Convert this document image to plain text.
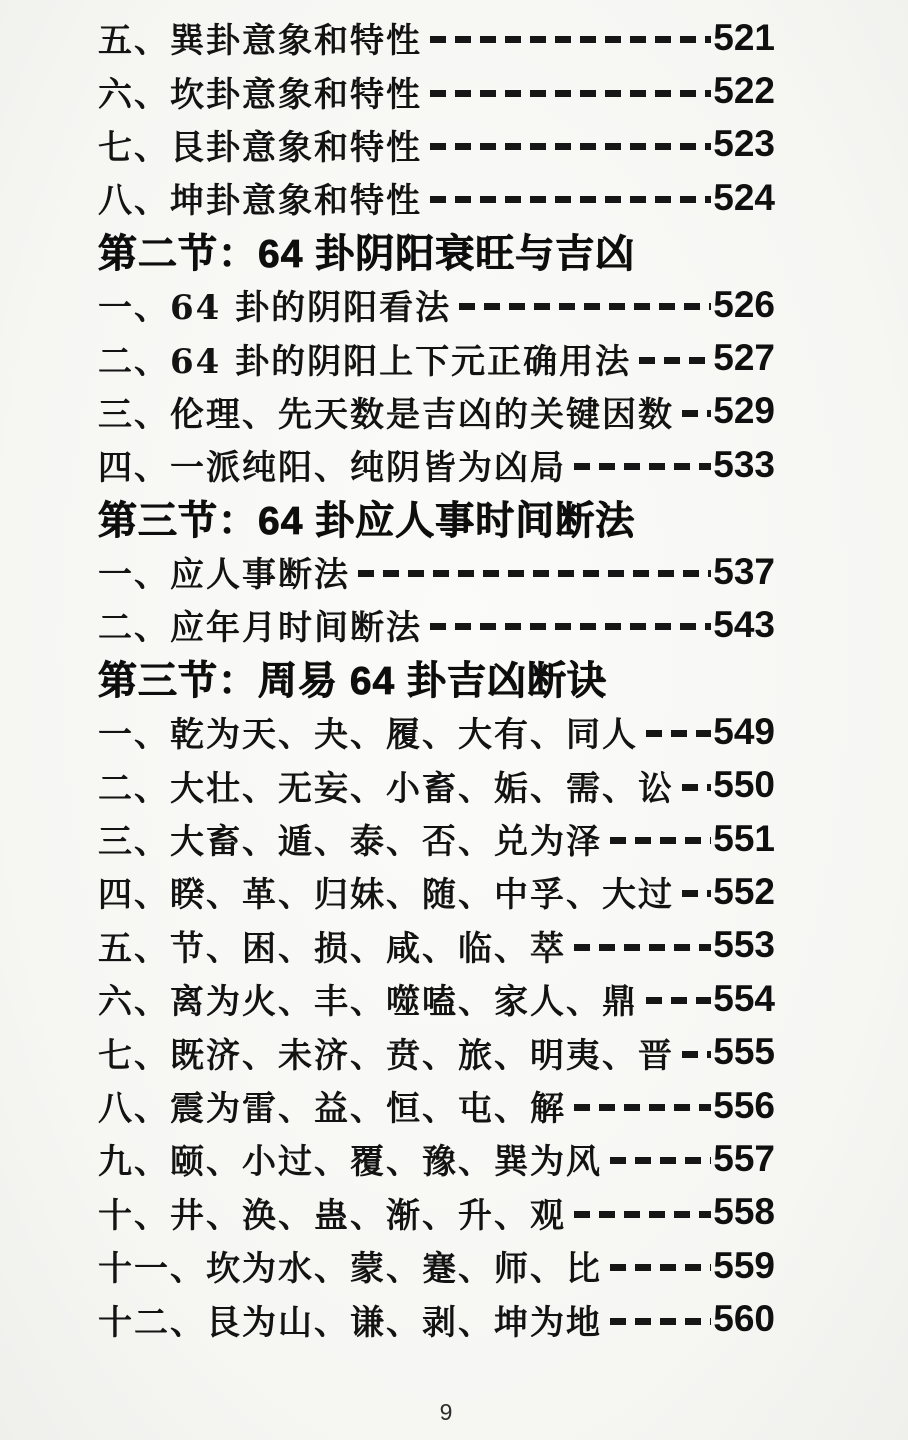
五、巽卦意象和特性	521
六、坎卦意象和特性	522
七、艮卦意象和特性	523
八、坤卦意象和特性	524
第二节：64 卦阴阳衰旺与吉凶
一、64 卦的阴阳看法	526
二、64 卦的阴阳上下元正确用法 527
三、伦理、先天数是吉凶的关键因数 529
四、一派纯阳、纯阴皆为凶局	533
第三节：64 卦应人事时间断法
一、应人事断法	537
二、应年月时间断法	543
第三节：周易 64 卦吉凶断诀
一、乾为天、夬、履、大有、同人 549
二、大壮、无妄、小畜、姤、需、讼 550
三、大畜、遁、泰、否、兑为泽	551
四、睽、革、归妹、随、中孚、大过 552
五、节、困、损、咸、临、萃	553
六、离为火、丰、噬嗑、家人、鼎 554
七、既济、未济、贲、旅、明夷、晋 555
八、震为雷、益、恒、屯、解	556
九、颐、小过、覆、豫、巽为风	557
十、井、涣、蛊、渐、升、观	558
十一、坎为水、蒙、蹇、师、比	559
十二、艮为山、谦、剥、坤为地	560
9
